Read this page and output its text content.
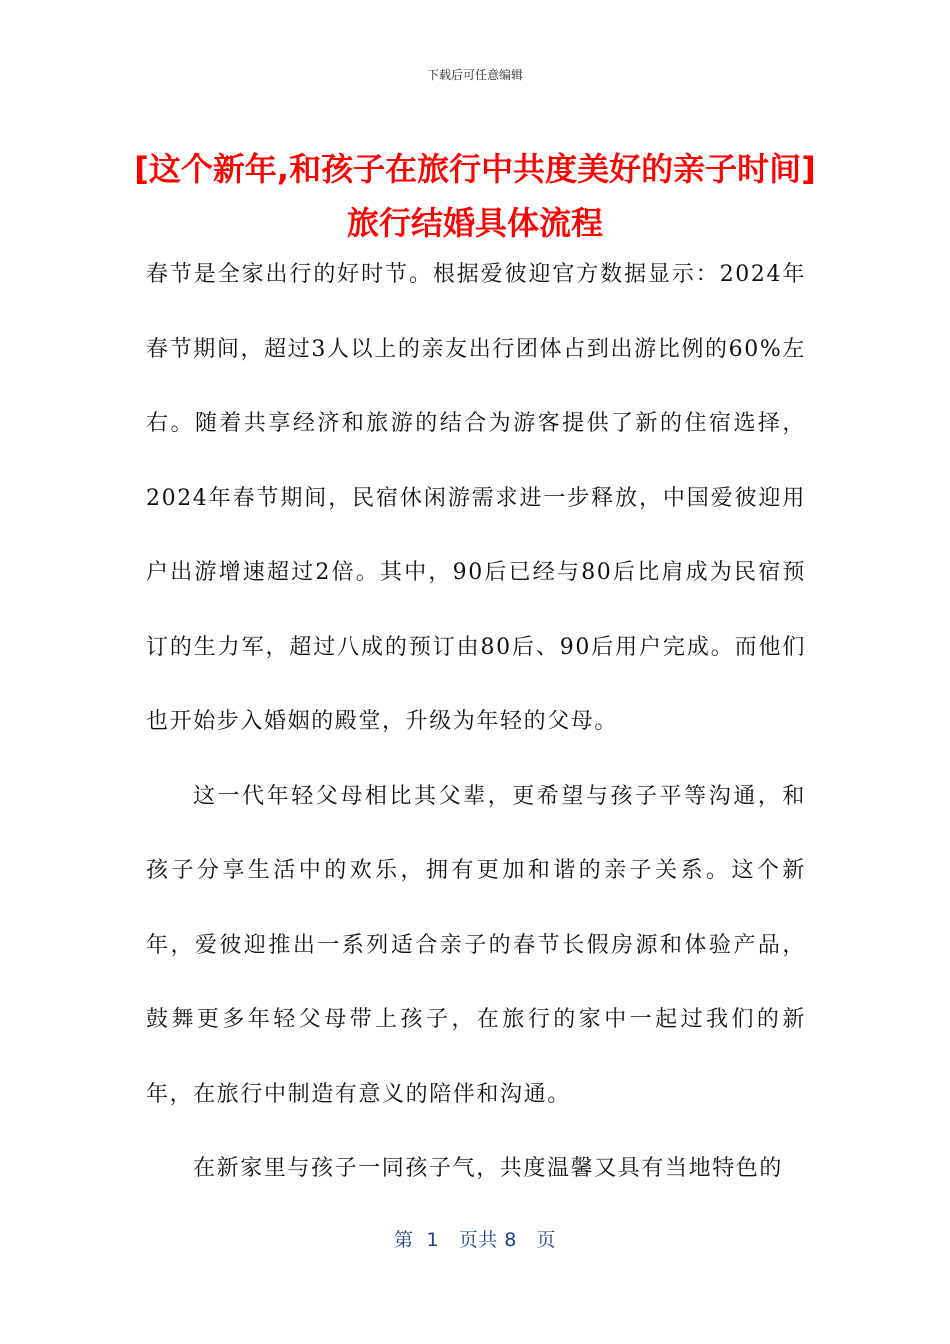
下载后可任意编辑
[这个新年,和孩子在旅行中共度美好的亲子时间]旅行结婚具体流程

春节是全家出行的好时节。根据爱彼迎官方数据显示：2024年春节期间，超过3人以上的亲友出行团体占到出游比例的60%左右。随着共享经济和旅游的结合为游客提供了新的住宿选择，2024年春节期间，民宿休闲游需求进一步释放，中国爱彼迎用户出游增速超过2倍。其中，90后已经与80后比肩成为民宿预订的生力军，超过八成的预订由80后、90后用户完成。而他们也开始步入婚姻的殿堂，升级为年轻的父母。

这一代年轻父母相比其父辈，更希望与孩子平等沟通，和孩子分享生活中的欢乐，拥有更加和谐的亲子关系。这个新年，爱彼迎推出一系列适合亲子的春节长假房源和体验产品，鼓舞更多年轻父母带上孩子，在旅行的家中一起过我们的新年，在旅行中制造有意义的陪伴和沟通。

在新家里与孩子一同孩子气，共度温馨又具有当地特色的

第  1   页共 8   页
